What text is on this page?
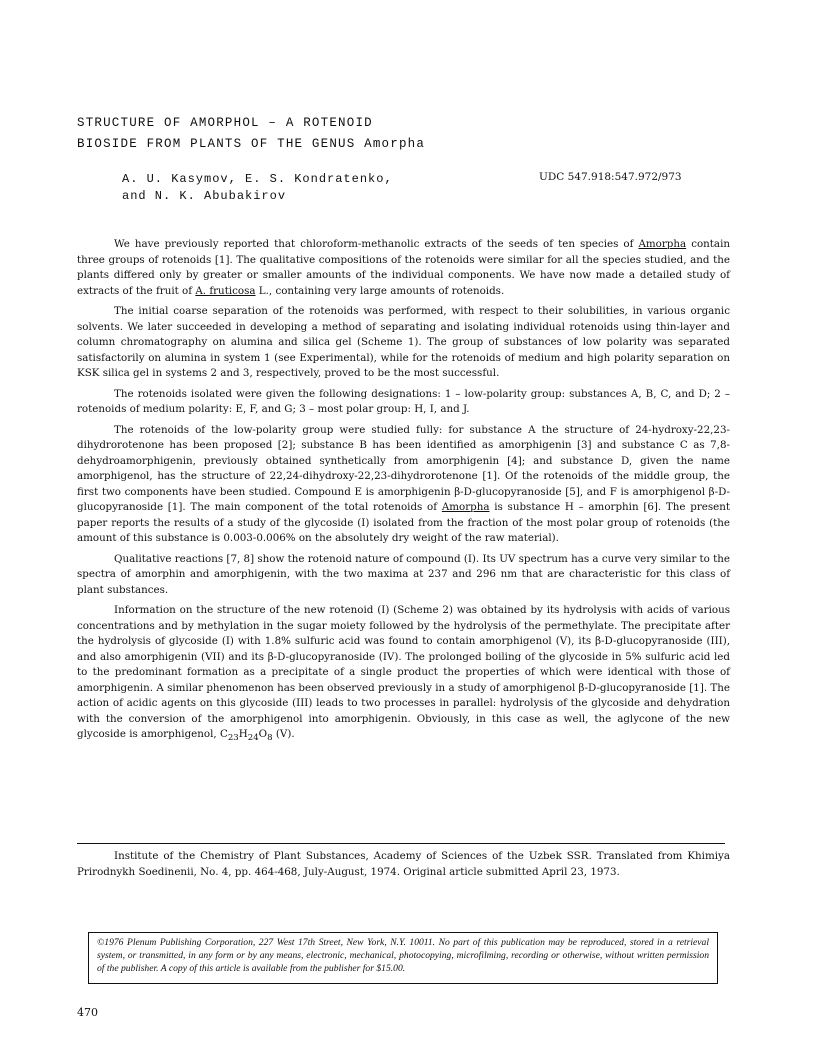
STRUCTURE OF AMORPHOL – A ROTENOID
BIOSIDE FROM PLANTS OF THE GENUS Amorpha
A. U. Kasymov, E. S. Kondratenko,
and N. K. Abubakirov
UDC 547.918:547.972/973

We have previously reported that chloroform-methanolic extracts of the seeds of ten species of Amorpha contain three groups of rotenoids [1]. The qualitative compositions of the rotenoids were similar for all the species studied, and the plants differed only by greater or smaller amounts of the individual components. We have now made a detailed study of extracts of the fruit of A. fruticosa L., containing very large amounts of rotenoids.

The initial coarse separation of the rotenoids was performed, with respect to their solubilities, in various organic solvents. We later succeeded in developing a method of separating and isolating individual rotenoids using thin-layer and column chromatography on alumina and silica gel (Scheme 1). The group of substances of low polarity was separated satisfactorily on alumina in system 1 (see Experimental), while for the rotenoids of medium and high polarity separation on KSK silica gel in systems 2 and 3, respectively, proved to be the most successful.

The rotenoids isolated were given the following designations: 1 – low-polarity group: substances A, B, C, and D; 2 – rotenoids of medium polarity: E, F, and G; 3 – most polar group: H, I, and J.

The rotenoids of the low-polarity group were studied fully: for substance A the structure of 24-hydroxy-22,23-dihydrorotenone has been proposed [2]; substance B has been identified as amorphigenin [3] and substance C as 7,8-dehydroamorphigenin, previously obtained synthetically from amorphigenin [4]; and substance D, given the name amorphigenol, has the structure of 22,24-dihydroxy-22,23-dihydrorotenone [1]. Of the rotenoids of the middle group, the first two components have been studied. Compound E is amorphigenin β-D-glucopyranoside [5], and F is amorphigenol β-D-glucopyranoside [1]. The main component of the total rotenoids of Amorpha is substance H – amorphin [6]. The present paper reports the results of a study of the glycoside (I) isolated from the fraction of the most polar group of rotenoids (the amount of this substance is 0.003-0.006% on the absolutely dry weight of the raw material).

Qualitative reactions [7, 8] show the rotenoid nature of compound (I). Its UV spectrum has a curve very similar to the spectra of amorphin and amorphigenin, with the two maxima at 237 and 296 nm that are characteristic for this class of plant substances.

Information on the structure of the new rotenoid (I) (Scheme 2) was obtained by its hydrolysis with acids of various concentrations and by methylation in the sugar moiety followed by the hydrolysis of the permethylate. The precipitate after the hydrolysis of glycoside (I) with 1.8% sulfuric acid was found to contain amorphigenol (V), its β-D-glucopyranoside (III), and also amorphigenin (VII) and its β-D-glucopyranoside (IV). The prolonged boiling of the glycoside in 5% sulfuric acid led to the predominant formation as a precipitate of a single product the properties of which were identical with those of amorphigenin. A similar phenomenon has been observed previously in a study of amorphigenol β-D-glucopyranoside [1]. The action of acidic agents on this glycoside (III) leads to two processes in parallel: hydrolysis of the glycoside and dehydration with the conversion of the amorphigenol into amorphigenin. Obviously, in this case as well, the aglycone of the new glycoside is amorphigenol, $C_{23}H_{24}O_8$ (V).

Institute of the Chemistry of Plant Substances, Academy of Sciences of the Uzbek SSR. Translated from Khimiya Prirodnykh Soedinenii, No. 4, pp. 464-468, July-August, 1974. Original article submitted April 23, 1973.

©1976 Plenum Publishing Corporation, 227 West 17th Street, New York, N.Y. 10011. No part of this publication may be reproduced, stored in a retrieval system, or transmitted, in any form or by any means, electronic, mechanical, photocopying, microfilming, recording or otherwise, without written permission of the publisher. A copy of this article is available from the publisher for $15.00.
470
